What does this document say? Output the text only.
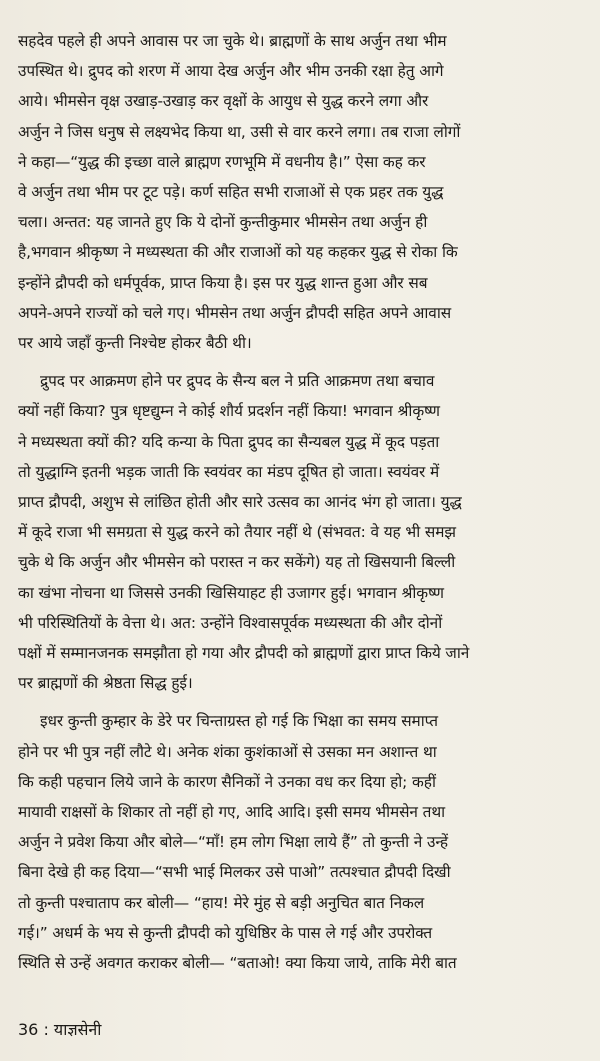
सहदेव पहले ही अपने आवास पर जा चुके थे। ब्राह्मणों के साथ अर्जुन तथा भीम
उपस्थित थे। द्रुपद को शरण में आया देख अर्जुन और भीम उनकी रक्षा हेतु आगे
आये। भीमसेन वृक्ष उखाड़-उखाड़ कर वृक्षों के आयुध से युद्ध करने लगा और
अर्जुन ने जिस धनुष से लक्ष्यभेद किया था, उसी से वार करने लगा। तब राजा लोगों
ने कहा—“युद्ध की इच्छा वाले ब्राह्मण रणभूमि में वधनीय है।” ऐसा कह कर
वे अर्जुन तथा भीम पर टूट पड़े। कर्ण सहित सभी राजाओं से एक प्रहर तक युद्ध
चला। अन्तत: यह जानते हुए कि ये दोनों कुन्तीकुमार भीमसेन तथा अर्जुन ही
है,भगवान श्रीकृष्ण ने मध्यस्थता की और राजाओं को यह कहकर युद्ध से रोका कि
इन्होंने द्रौपदी को धर्मपूर्वक, प्राप्त किया है। इस पर युद्ध शान्त हुआ और सब
अपने-अपने राज्यों को चले गए। भीमसेन तथा अर्जुन द्रौपदी सहित अपने आवास
पर आये जहाँ कुन्ती निश्चेष्ट होकर बैठी थी।
द्रुपद पर आक्रमण होने पर द्रुपद के सैन्य बल ने प्रति आक्रमण तथा बचाव
क्यों नहीं किया? पुत्र धृष्टद्युम्न ने कोई शौर्य प्रदर्शन नहीं किया! भगवान श्रीकृष्ण
ने मध्यस्थता क्यों की? यदि कन्या के पिता द्रुपद का सैन्यबल युद्ध में कूद पड़ता
तो युद्धाग्नि इतनी भड़क जाती कि स्वयंवर का मंडप दूषित हो जाता। स्वयंवर में
प्राप्त द्रौपदी, अशुभ से लांछित होती और सारे उत्सव का आनंद भंग हो जाता। युद्ध
में कूदे राजा भी समग्रता से युद्ध करने को तैयार नहीं थे (संभवत: वे यह भी समझ
चुके थे कि अर्जुन और भीमसेन को परास्त न कर सकेंगे) यह तो खिसयानी बिल्ली
का खंभा नोचना था जिससे उनकी खिसियाहट ही उजागर हुई। भगवान श्रीकृष्ण
भी परिस्थितियों के वेत्ता थे। अत: उन्होंने विश्वासपूर्वक मध्यस्थता की और दोनों
पक्षों में सम्मानजनक समझौता हो गया और द्रौपदी को ब्राह्मणों द्वारा प्राप्त किये जाने
पर ब्राह्मणों की श्रेष्ठता सिद्ध हुई।
इधर कुन्ती कुम्हार के डेरे पर चिन्ताग्रस्त हो गई कि भिक्षा का समय समाप्त
होने पर भी पुत्र नहीं लौटे थे। अनेक शंका कुशंकाओं से उसका मन अशान्त था
कि कही पहचान लिये जाने के कारण सैनिकों ने उनका वध कर दिया हो; कहीं
मायावी राक्षसों के शिकार तो नहीं हो गए, आदि आदि। इसी समय भीमसेन तथा
अर्जुन ने प्रवेश किया और बोले—“माँ! हम लोग भिक्षा लाये हैं” तो कुन्ती ने उन्हें
बिना देखे ही कह दिया—“सभी भाई मिलकर उसे पाओ” तत्पश्चात द्रौपदी दिखी
तो कुन्ती पश्चाताप कर बोली— “हाय! मेरे मुंह से बड़ी अनुचित बात निकल
गई।” अधर्म के भय से कुन्ती द्रौपदी को युधिष्ठिर के पास ले गई और उपरोक्त
स्थिति से उन्हें अवगत कराकर बोली— “बताओ! क्या किया जाये, ताकि मेरी बात
36 : याज्ञसेनी
